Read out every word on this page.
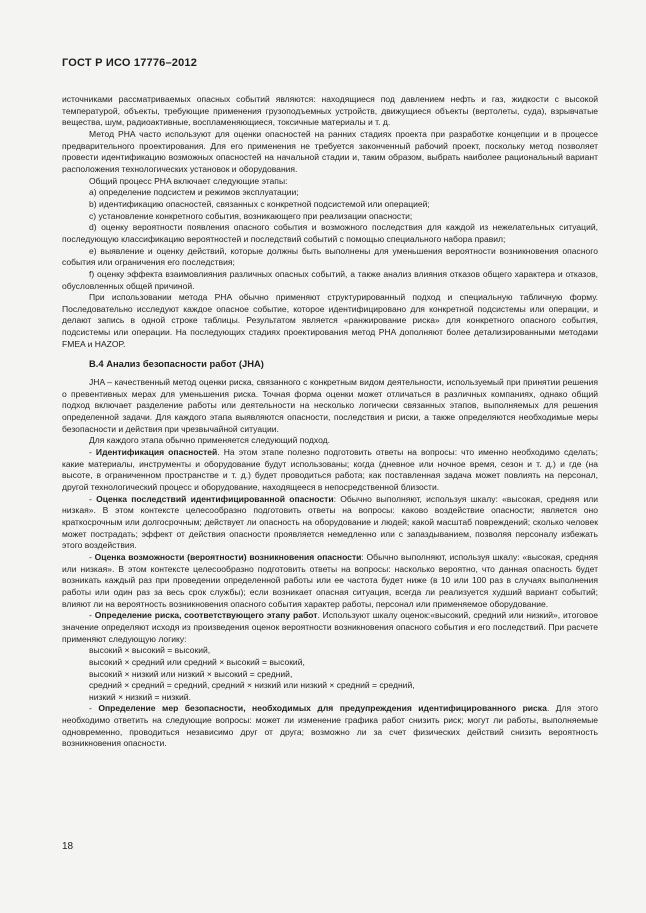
ГОСТ Р ИСО 17776–2012

источниками рассматриваемых опасных событий являются: находящиеся под давлением нефть и газ, жидкости с высокой температурой, объекты, требующие применения грузоподъемных устройств, движущиеся объекты (вертолеты, суда), взрывчатые вещества, шум, радиоактивные, воспламеняющиеся, токсичные материалы и т. д.

Метод PHA часто используют для оценки опасностей на ранних стадиях проекта при разработке концепции и в процессе предварительного проектирования. Для его применения не требуется законченный рабочий проект, поскольку метод позволяет провести идентификацию возможных опасностей на начальной стадии и, таким образом, выбрать наиболее рациональный вариант расположения технологических установок и оборудования.

Общий процесс PHA включает следующие этапы:

а) определение подсистем и режимов эксплуатации;

b) идентификацию опасностей, связанных с конкретной подсистемой или операцией;

c) установление конкретного события, возникающего при реализации опасности;

d) оценку вероятности появления опасного события и возможного последствия для каждой из нежелательных ситуаций, последующую классификацию вероятностей и последствий событий с помощью специального набора правил;

e) выявление и оценку действий, которые должны быть выполнены для уменьшения вероятности возникновения опасного события или ограничения его последствия;

f) оценку эффекта взаимовлияния различных опасных событий, а также анализ влияния отказов общего характера и отказов, обусловленных общей причиной.

При использовании метода PHA обычно применяют структурированный подход и специальную табличную форму. Последовательно исследуют каждое опасное событие, которое идентифицировано для конкретной подсистемы или операции, и делают запись в одной строке таблицы. Результатом является «ранжирование риска» для конкретного опасного события, подсистемы или операции. На последующих стадиях проектирования метод PHA дополняют более детализированными методами FMEA и HAZOP.

B.4 Анализ безопасности работ (JHA)

JHA – качественный метод оценки риска, связанного с конкретным видом деятельности, используемый при принятии решения о превентивных мерах для уменьшения риска. Точная форма оценки может отличаться в различных компаниях, однако общий подход включает разделение работы или деятельности на несколько логически связанных этапов, выполняемых для решения определенной задачи. Для каждого этапа выявляются опасности, последствия и риски, а также определяются необходимые меры безопасности и действия при чрезвычайной ситуации.

Для каждого этапа обычно применяется следующий подход.

- Идентификация опасностей. На этом этапе полезно подготовить ответы на вопросы: что именно необходимо сделать; какие материалы, инструменты и оборудование будут использованы; когда (дневное или ночное время, сезон и т. д.) и где (на высоте, в ограниченном пространстве и т. д.) будет проводиться работа; как поставленная задача может повлиять на персонал, другой технологический процесс и оборудование, находящееся в непосредственной близости.

- Оценка последствий идентифицированной опасности: Обычно выполняют, используя шкалу: «высокая, средняя или низкая». В этом контексте целесообразно подготовить ответы на вопросы: каково воздействие опасности; является оно краткосрочным или долгосрочным; действует ли опасность на оборудование и людей; какой масштаб повреждений; сколько человек может пострадать; эффект от действия опасности проявляется немедленно или с запаздыванием, позволяя персоналу избежать этого воздействия.

- Оценка возможности (вероятности) возникновения опасности: Обычно выполняют, используя шкалу: «высокая, средняя или низкая». В этом контексте целесообразно подготовить ответы на вопросы: насколько вероятно, что данная опасность будет возникать каждый раз при проведении определенной работы или ее частота будет ниже (в 10 или 100 раз в случаях выполнения работы или один раз за весь срок службы); если возникает опасная ситуация, всегда ли реализуется худший вариант событий; влияют ли на вероятность возникновения опасного события характер работы, персонал или применяемое оборудование.

- Определение риска, соответствующего этапу работ. Используют шкалу оценок:«высокий, средний или низкий», итоговое значение определяют исходя из произведения оценок вероятности возникновения опасного события и его последствий. При расчете применяют следующую логику:

высокий × высокий = высокий,

высокий × средний или средний × высокий = высокий,

высокий × низкий или низкий × высокий = средний,

средний × средний = средний, средний × низкий или низкий × средний = средний,

низкий × низкий = низкий.

- Определение мер безопасности, необходимых для предупреждения идентифицированного риска. Для этого необходимо ответить на следующие вопросы: может ли изменение графика работ снизить риск; могут ли работы, выполняемые одновременно, проводиться независимо друг от друга; возможно ли за счет физических действий снизить вероятность возникновения опасности.

18
